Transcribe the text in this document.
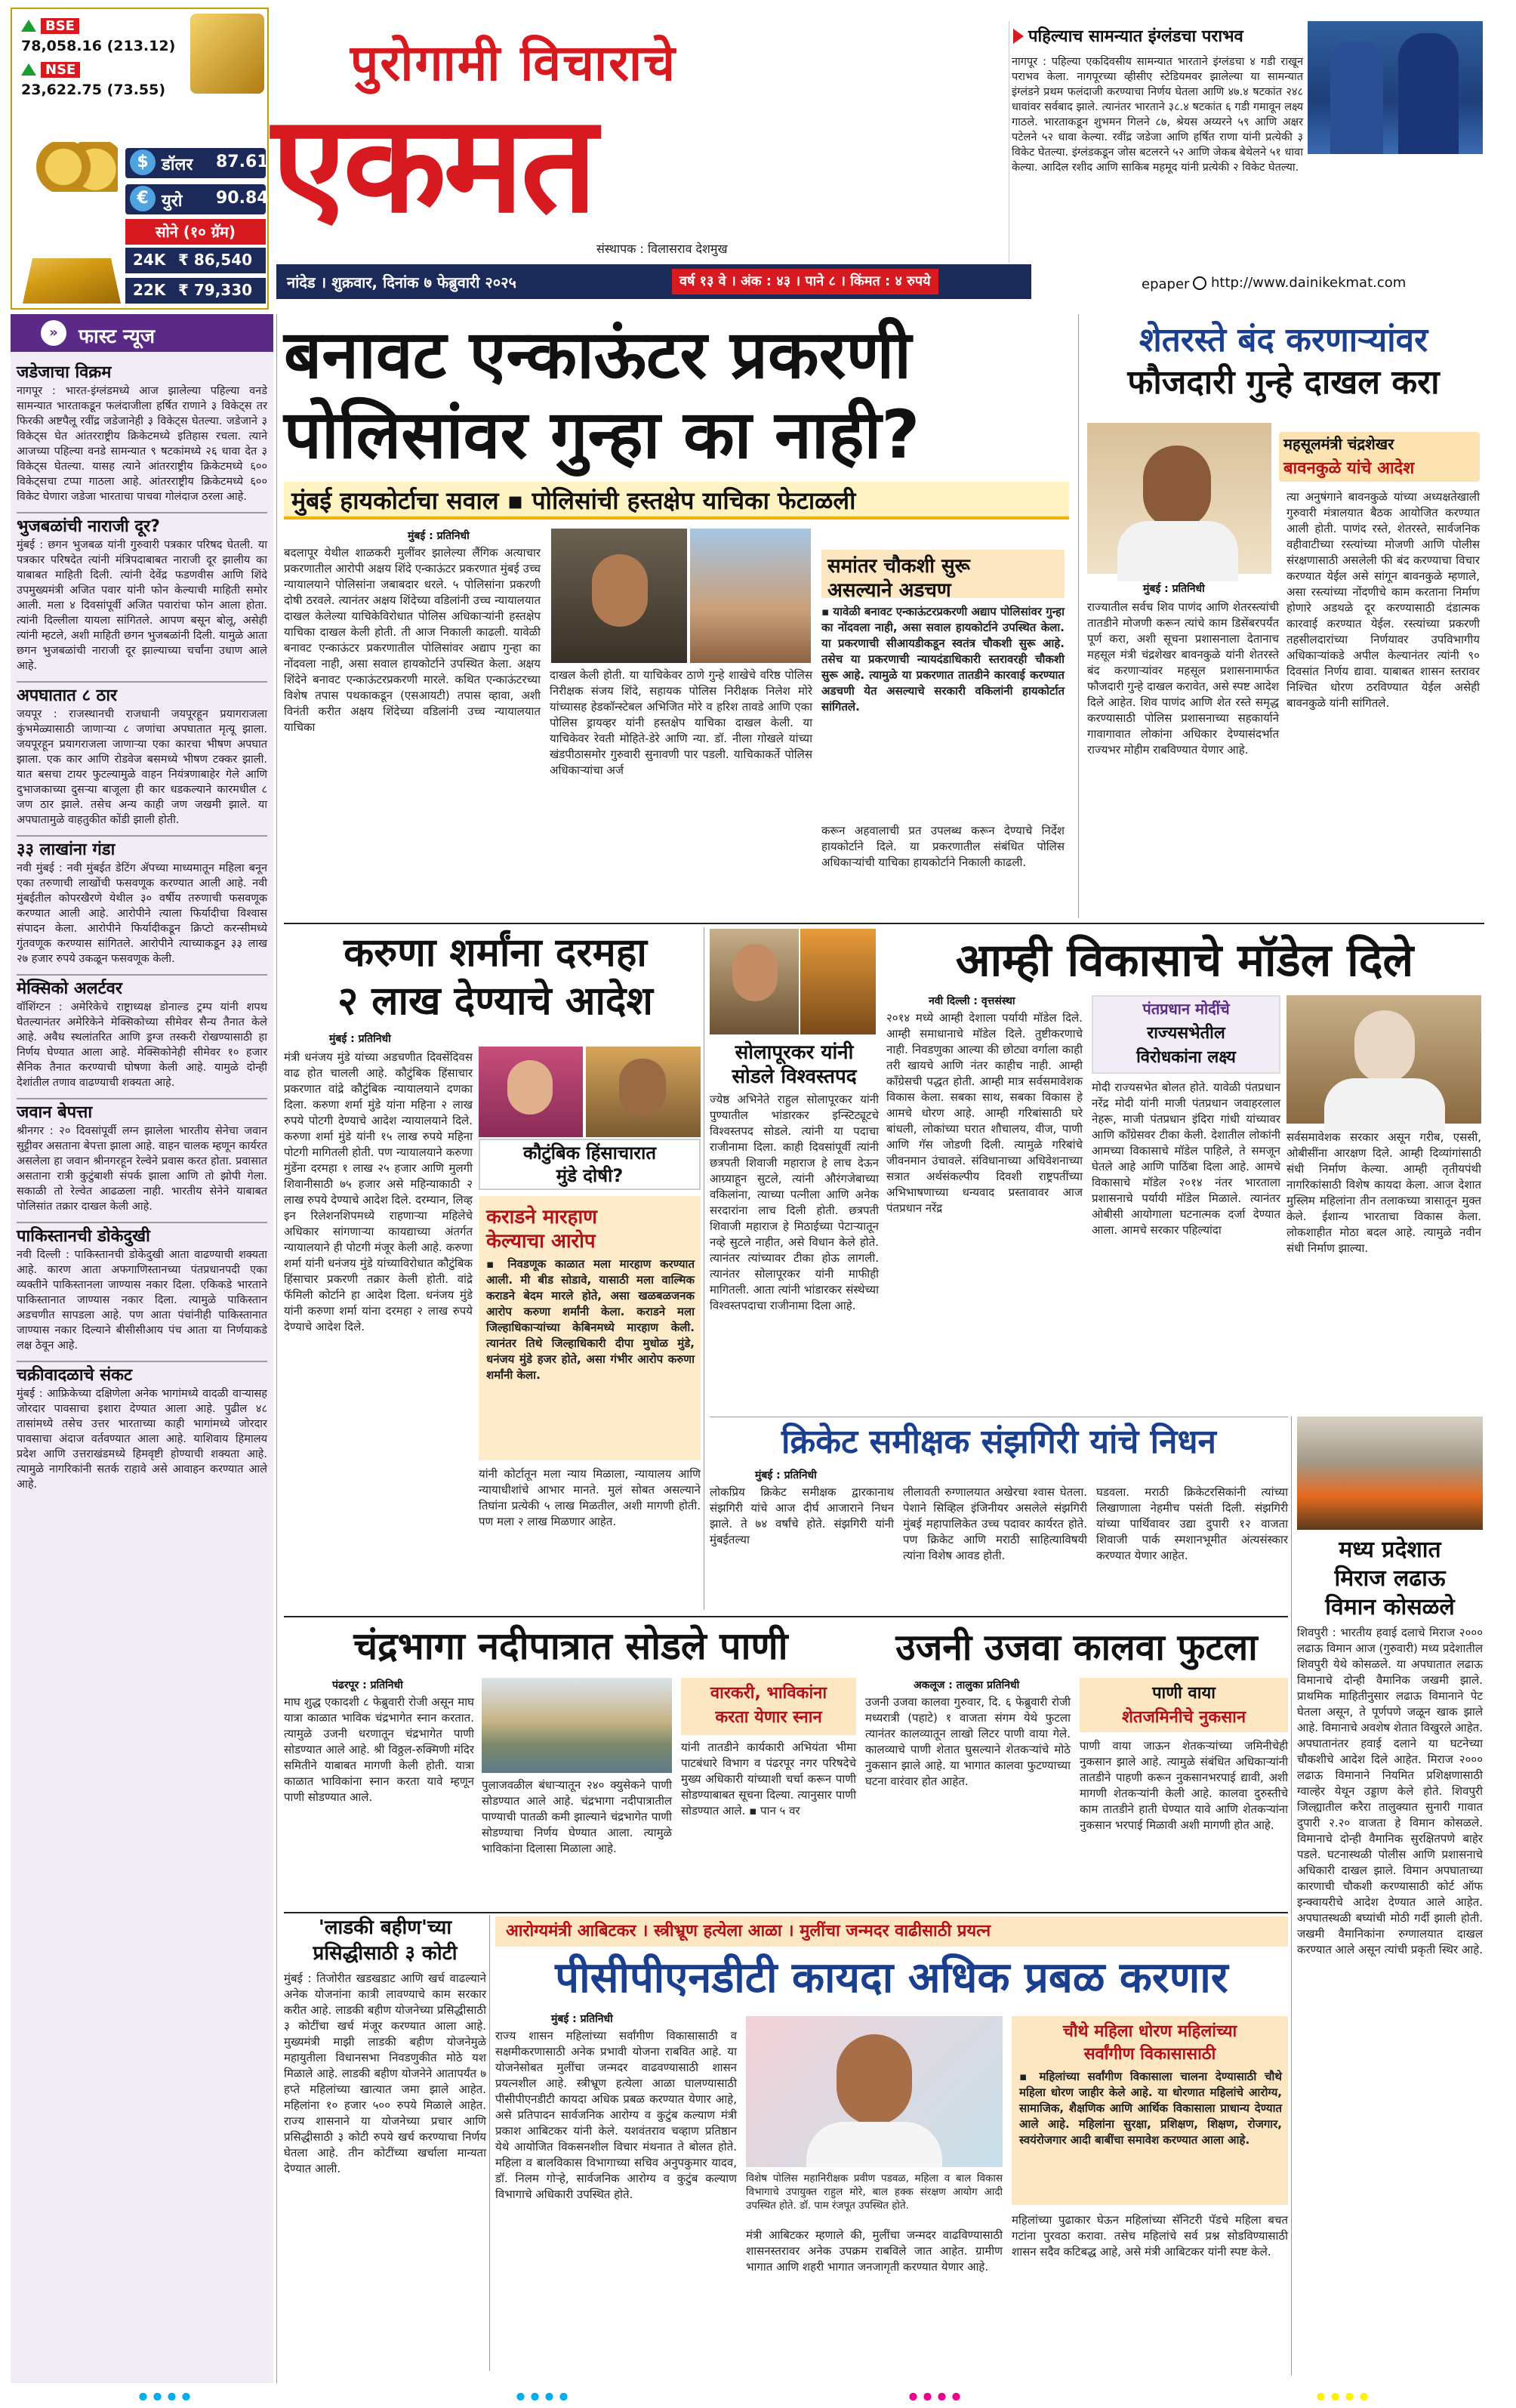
BSE
78,058.16 (213.12)
NSE
23,622.75 (73.55)
$ डॉलर 87.61
€ युरो 90.84
सोने (१० ग्रॅम)
24K ₹ 86,540
22K ₹ 79,330
पुरोगामी विचाराचे
एकमत
संस्थापक : विलासराव देशमुख
नांदेड । शुक्रवार, दिनांक ७ फेब्रुवारी २०२५	वर्ष १३ वे । अंक : ४३ । पाने ८ । किंमत : ४ रुपये	epaper http://www.dainikekmat.com
पहिल्याच सामन्यात इंग्लंडचा पराभव
नागपूर : पहिल्या एकदिवसीय सामन्यात भारताने इंग्लंडचा ४ गडी राखून पराभव केला. नागपूरच्या व्हीसीए स्टेडियमवर झालेल्या या सामन्यात इंग्लंडने प्रथम फलंदाजी करण्याचा निर्णय घेतला आणि ४७.४ षटकांत २४८ धावांवर सर्वबाद झाले. त्यानंतर भारताने ३८.४ षटकांत ६ गडी गमावून लक्ष्य गाठले. भारताकडून शुभमन गिलने ८७, श्रेयस अय्यरने ५९ आणि अक्षर पटेलने ५२ धावा केल्या. रवींद्र जडेजा आणि हर्षित राणा यांनी प्रत्येकी ३ विकेट घेतल्या. इंग्लंडकडून जोस बटलरने ५२ आणि जेकब बेथेलने ५१ धावा केल्या. आदिल रशीद आणि साकिब महमूद यांनी प्रत्येकी २ विकेट घेतल्या.
»	फास्ट न्यूज
जडेजाचा विक्रम
नागपूर : भारत-इंग्लंडमध्ये आज झालेल्या पहिल्या वनडे सामन्यात भारताकडून फलंदाजीला हर्षित राणाने ३ विकेट्स तर फिरकी अष्टपैलू रवींद्र जडेजानेही ३ विकेट्स घेतल्या. जडेजाने ३ विकेट्स घेत आंतरराष्ट्रीय क्रिकेटमध्ये इतिहास रचला. त्याने आजच्या पहिल्या वनडे सामन्यात ९ षटकांमध्ये २६ धावा देत ३ विकेट्स घेतल्या. यासह त्याने आंतरराष्ट्रीय क्रिकेटमध्ये ६०० विकेट्सचा टप्पा गाठला आहे. आंतरराष्ट्रीय क्रिकेटमध्ये ६०० विकेट घेणारा जडेजा भारताचा पाचवा गोलंदाज ठरला आहे.
भुजबळांची नाराजी दूर?
मुंबई : छगन भुजबळ यांनी गुरुवारी पत्रकार परिषद घेतली. या पत्रकार परिषदेत त्यांनी मंत्रिपदाबाबत नाराजी दूर झालीय का याबाबत माहिती दिली. त्यांनी देवेंद्र फडणवीस आणि शिंदे उपमुख्यमंत्री अजित पवार यांनी फोन केल्याची माहिती समोर आली. मला ४ दिवसांपूर्वी अजित पवारांचा फोन आला होता. त्यांनी दिल्लीला यायला सांगितले. आपण बसून बोलू, असेही त्यांनी म्हटले, अशी माहिती छगन भुजबळांनी दिली. यामुळे आता छगन भुजबळांची नाराजी दूर झाल्याच्या चर्चांना उधाण आले आहे.
अपघातात ८ ठार
जयपूर : राजस्थानची राजधानी जयपूरहून प्रयागराजला कुंभमेळ्यासाठी जाणाऱ्या ८ जणांचा अपघातात मृत्यू झाला. जयपूरहून प्रयागराजला जाणाऱ्या एका कारचा भीषण अपघात झाला. एक कार आणि रोडवेज बसमध्ये भीषण टक्कर झाली. यात बसचा टायर फुटल्यामुळे वाहन नियंत्रणाबाहेर गेले आणि दुभाजकाच्या दुसऱ्या बाजूला ही कार धडकल्याने कारमधील ८ जण ठार झाले. तसेच अन्य काही जण जखमी झाले. या अपघातामुळे वाहतुकीत कोंडी झाली होती.
३३ लाखांना गंडा
नवी मुंबई : नवी मुंबईत डेटिंग ॲपच्या माध्यमातून महिला बनून एका तरुणाची लाखोंची फसवणूक करण्यात आली आहे. नवी मुंबईतील कोपरखैरणे येथील ३० वर्षीय तरुणाची फसवणूक करण्यात आली आहे. आरोपीने त्याला फिर्यादीचा विश्वास संपादन केला. आरोपीने फिर्यादीकडून क्रिप्टो करन्सीमध्ये गुंतवणूक करण्यास सांगितले. आरोपीने त्याच्याकडून ३३ लाख २७ हजार रुपये उकळून फसवणूक केली.
मेक्सिको अलर्टवर
वॉशिंग्टन : अमेरिकेचे राष्ट्राध्यक्ष डोनाल्ड ट्रम्प यांनी शपथ घेतल्यानंतर अमेरिकेने मेक्सिकोच्या सीमेवर सैन्य तैनात केले आहे. अवैध स्थलांतरित आणि ड्रग्ज तस्करी रोखण्यासाठी हा निर्णय घेण्यात आला आहे. मेक्सिकोनेही सीमेवर १० हजार सैनिक तैनात करण्याची घोषणा केली आहे. यामुळे दोन्ही देशांतील तणाव वाढण्याची शक्यता आहे.
जवान बेपत्ता
श्रीनगर : २० दिवसांपूर्वी लग्न झालेला भारतीय सेनेचा जवान सुट्टीवर असताना बेपत्ता झाला आहे. वाहन चालक म्हणून कार्यरत असलेला हा जवान श्रीनगरहून रेल्वेने प्रवास करत होता. प्रवासात असताना रात्री कुटुंबाशी संपर्क झाला आणि तो झोपी गेला. सकाळी तो रेल्वेत आढळला नाही. भारतीय सेनेने याबाबत पोलिसांत तक्रार दाखल केली आहे.
पाकिस्तानची डोकेदुखी
नवी दिल्ली : पाकिस्तानची डोकेदुखी आता वाढण्याची शक्यता आहे. कारण आता अफगाणिस्तानच्या पंतप्रधानपदी एका व्यक्तीने पाकिस्तानला जाण्यास नकार दिला. एकिकडे भारताने पाकिस्तानात जाण्यास नकार दिला. त्यामुळे पाकिस्तान अडचणीत सापडला आहे. पण आता पंचांनीही पाकिस्तानात जाण्यास नकार दिल्याने बीसीसीआय पंच आता या निर्णयाकडे लक्ष ठेवून आहे.
चक्रीवादळाचे संकट
मुंबई : आफ्रिकेच्या दक्षिणेला अनेक भागांमध्ये वादळी वाऱ्यासह जोरदार पावसाचा इशारा देण्यात आला आहे. पुढील ४८ तासांमध्ये तसेच उत्तर भारताच्या काही भागांमध्ये जोरदार पावसाचा अंदाज वर्तवण्यात आला आहे. याशिवाय हिमालय प्रदेश आणि उत्तराखंडमध्ये हिमवृष्टी होण्याची शक्यता आहे. त्यामुळे नागरिकांनी सतर्क राहावे असे आवाहन करण्यात आले आहे.
बनावट एन्काऊंटर प्रकरणी
पोलिसांवर गुन्हा का नाही?
मुंबई हायकोर्टाचा सवाल ▪ पोलिसांची हस्तक्षेप याचिका फेटाळली
मुंबई : प्रतिनिधी
बदलापूर येथील शाळकरी मुलींवर झालेल्या लैंगिक अत्याचार प्रकरणातील आरोपी अक्षय शिंदे एन्काऊंटर प्रकरणात मुंबई उच्च न्यायालयाने पोलिसांना जबाबदार धरले. ५ पोलिसांना प्रकरणी दोषी ठरवले. त्यानंतर अक्षय शिंदेच्या वडिलांनी उच्च न्यायालयात दाखल केलेल्या याचिकेविरोधात पोलिस अधिकाऱ्यांनी हस्तक्षेप याचिका दाखल केली होती. ती आज निकाली काढली. यावेळी बनावट एन्काऊंटर प्रकरणातील पोलिसांवर अद्याप गुन्हा का नोंदवला नाही, असा सवाल हायकोर्टाने उपस्थित केला. अक्षय शिंदेने बनावट एन्काऊंटरप्रकरणी मारले. कथित एन्काऊंटरच्या विशेष तपास पथकाकडून (एसआयटी) तपास व्हावा, अशी विनंती करीत अक्षय शिंदेच्या वडिलांनी उच्च न्यायालयात याचिका
दाखल केली होती. या याचिकेवर ठाणे गुन्हे शाखेचे वरिष्ठ पोलिस निरीक्षक संजय शिंदे, सहायक पोलिस निरीक्षक निलेश मोरे यांच्यासह हेडकॉन्स्टेबल अभिजित मोरे व हरिश तावडे आणि एका पोलिस ड्रायव्हर यांनी हस्तक्षेप याचिका दाखल केली. या याचिकेवर रेवती मोहिते-डेरे आणि न्या. डॉ. नीला गोखले यांच्या खंडपीठासमोर गुरुवारी सुनावणी पार पडली. याचिकाकर्ते पोलिस अधिकाऱ्यांचा अर्ज
समांतर चौकशी सुरू
असल्याने अडचण
▪ यावेळी बनावट एन्काऊंटरप्रकरणी अद्याप पोलिसांवर गुन्हा का नोंदवला नाही, असा सवाल हायकोर्टाने उपस्थित केला. या प्रकरणाची सीआयडीकडून स्वतंत्र चौकशी सुरू आहे. तसेच या प्रकरणाची न्यायदंडाधिकारी स्तरावरही चौकशी सुरू आहे. त्यामुळे या प्रकरणात तातडीने कारवाई करण्यात अडचणी येत असल्याचे सरकारी वकिलांनी हायकोर्टात सांगितले.
करून अहवालाची प्रत उपलब्ध करून देण्याचे निर्देश हायकोर्टाने दिले. या प्रकरणातील संबंधित पोलिस अधिकाऱ्यांची याचिका हायकोर्टाने निकाली काढली.
शेतरस्ते बंद करणाऱ्यांवर
फौजदारी गुन्हे दाखल करा
महसूलमंत्री चंद्रशेखर
बावनकुळे यांचे आदेश
मुंबई : प्रतिनिधी
राज्यातील सर्वच शिव पाणंद आणि शेतरस्त्यांची तातडीने मोजणी करून त्यांचे काम डिसेंबरपर्यंत पूर्ण करा, अशी सूचना प्रशासनाला देतानाच महसूल मंत्री चंद्रशेखर बावनकुळे यांनी शेतरस्ते बंद करणाऱ्यांवर महसूल प्रशासनामार्फत फौजदारी गुन्हे दाखल करावेत, असे स्पष्ट आदेश दिले आहेत. शिव पाणंद आणि शेत रस्ते समृद्ध करण्यासाठी पोलिस प्रशासनाच्या सहकार्याने गावागावात लोकांना अधिकार देण्यासंदर्भात राज्यभर मोहीम राबविण्यात येणार आहे.
त्या अनुषंगाने बावनकुळे यांच्या अध्यक्षतेखाली गुरुवारी मंत्रालयात बैठक आयोजित करण्यात आली होती. पाणंद रस्ते, शेतरस्ते, सार्वजनिक वहीवाटीच्या रस्त्यांच्या मोजणी आणि पोलीस संरक्षणासाठी असलेली फी बंद करण्याचा विचार करण्यात येईल असे सांगून बावनकुळे म्हणाले, असा रस्त्यांच्या नोंदणीचे काम करताना निर्माण होणारे अडथळे दूर करण्यासाठी दंडात्मक कारवाई करण्यात येईल. रस्त्यांच्या प्रकरणी तहसीलदारांच्या निर्णयावर उपविभागीय अधिकाऱ्यांकडे अपील केल्यानंतर त्यांनी ९० दिवसांत निर्णय द्यावा. याबाबत शासन स्तरावर निश्चित धोरण ठरविण्यात येईल असेही बावनकुळे यांनी सांगितले.
करुणा शर्मांना दरमहा
२ लाख देण्याचे आदेश
मुंबई : प्रतिनिधी
मंत्री धनंजय मुंडे यांच्या अडचणीत दिवसेंदिवस वाढ होत चालली आहे. कौटुंबिक हिंसाचार प्रकरणात वांद्रे कौटुंबिक न्यायालयाने दणका दिला. करुणा शर्मा मुंडे यांना महिना २ लाख रुपये पोटगी देण्याचे आदेश न्यायालयाने दिले. करुणा शर्मा मुंडे यांनी १५ लाख रुपये महिना पोटगी मागितली होती. पण न्यायालयाने करुणा मुंडेंना दरमहा १ लाख २५ हजार आणि मुलगी शिवानीसाठी ७५ हजार असे महिन्याकाठी २ लाख रुपये देण्याचे आदेश दिले. दरम्यान, लिव्ह इन रिलेशनशिपमध्ये राहणाऱ्या महिलेचे अधिकार सांगणाऱ्या कायद्याच्या अंतर्गत न्यायालयाने ही पोटगी मंजूर केली आहे. करुणा शर्मा यांनी धनंजय मुंडे यांच्याविरोधात कौटुंबिक हिंसाचार प्रकरणी तक्रार केली होती. वांद्रे फॅमिली कोर्टाने हा आदेश दिला. धनंजय मुंडे यांनी करुणा शर्मा यांना दरमहा २ लाख रुपये देण्याचे आदेश दिले.
कौटुंबिक हिंसाचारात
मुंडे दोषी?
कराडने मारहाण
केल्याचा आरोप
▪ निवडणूक काळात मला मारहाण करण्यात आली. मी बीड सोडावे, यासाठी मला वाल्मिक कराडने बेदम मारले होते, असा खळबळजनक आरोप करुणा शर्मांनी केला. कराडने मला जिल्हाधिकाऱ्यांच्या केबिनमध्ये मारहाण केली. त्यानंतर तिथे जिल्हाधिकारी दीपा मुधोळ मुंडे, धनंजय मुंडे हजर होते, असा गंभीर आरोप करुणा शर्मांनी केला.
यांनी कोर्टातून मला न्याय मिळाला, न्यायालय आणि न्यायाधीशांचे आभार मानते. मुलं सोबत असल्याने तिघांना प्रत्येकी ५ लाख मिळतील, अशी मागणी होती. पण मला २ लाख मिळणार आहेत.
सोलापूरकर यांनी
सोडले विश्वस्तपद
ज्येष्ठ अभिनेते राहुल सोलापूरकर यांनी पुण्यातील भांडारकर इन्स्टिट्यूटचे विश्वस्तपद सोडले. त्यांनी या पदाचा राजीनामा दिला. काही दिवसांपूर्वी त्यांनी छत्रपती शिवाजी महाराज हे लाच देऊन आग्र्याहून सुटले, त्यांनी औरंगजेबाच्या वकिलांना, त्याच्या पत्नीला आणि अनेक सरदारांना लाच दिली होती. छत्रपती शिवाजी महाराज हे मिठाईच्या पेटाऱ्यातून नव्हे सुटले नाहीत, असे विधान केले होते. त्यानंतर त्यांच्यावर टीका होऊ लागली. त्यानंतर सोलापूरकर यांनी माफीही मागितली. आता त्यांनी भांडारकर संस्थेच्या विश्वस्तपदाचा राजीनामा दिला आहे.
आम्ही विकासाचे मॉडेल दिले
नवी दिल्ली : वृत्तसंस्था
२०१४ मध्ये आम्ही देशाला पर्यायी मॉडेल दिले. आम्ही समाधानाचे मॉडेल दिले. तुष्टीकरणाचे नाही. निवडणुका आल्या की छोट्या वर्गाला काही तरी खायचे आणि नंतर काहीच नाही. आम्ही काँग्रेसची पद्धत होती. आम्ही मात्र सर्वसमावेशक विकास केला. सबका साथ, सबका विकास हे आमचे धोरण आहे. आम्ही गरिबांसाठी घरे बांधली, लोकांच्या घरात शौचालय, वीज, पाणी आणि गॅस जोडणी दिली. त्यामुळे गरिबांचे जीवनमान उंचावले. संविधानाच्या अधिवेशनाच्या सत्रात अर्थसंकल्पीय दिवशी राष्ट्रपतींच्या अभिभाषणाच्या धन्यवाद प्रस्तावावर आज पंतप्रधान नरेंद्र
पंतप्रधान मोदींचे
राज्यसभेतील
विरोधकांना लक्ष्य
मोदी राज्यसभेत बोलत होते. यावेळी पंतप्रधान नरेंद्र मोदी यांनी माजी पंतप्रधान जवाहरलाल नेहरू, माजी पंतप्रधान इंदिरा गांधी यांच्यावर आणि काँग्रेसवर टीका केली. देशातील लोकांनी आमच्या विकासाचे मॉडेल पाहिले, ते समजून घेतले आहे आणि पाठिंबा दिला आहे. आमचे विकासाचे मॉडेल २०१४ नंतर भारताला प्रशासनाचे पर्यायी मॉडेल मिळाले. त्यानंतर ओबीसी आयोगाला घटनात्मक दर्जा देण्यात आला. आमचे सरकार पहिल्यांदा
सर्वसमावेशक सरकार असून गरीब, एससी, ओबीसींना आरक्षण दिले. आम्ही दिव्यांगांसाठी संधी निर्माण केल्या. आम्ही तृतीयपंथी नागरिकांसाठी विशेष कायदा केला. आज देशात मुस्लिम महिलांना तीन तलाकच्या त्रासातून मुक्त केले. ईशान्य भारताचा विकास केला. लोकशाहीत मोठा बदल आहे. त्यामुळे नवीन संधी निर्माण झाल्या.
क्रिकेट समीक्षक संझगिरी यांचे निधन
मुंबई : प्रतिनिधी
लोकप्रिय क्रिकेट समीक्षक द्वारकानाथ संझगिरी यांचे आज दीर्घ आजाराने निधन झाले. ते ७४ वर्षांचे होते. संझगिरी यांनी मुंबईतल्या
लीलावती रुग्णालयात अखेरचा श्वास घेतला. पेशाने सिव्हिल इंजिनीयर असलेले संझगिरी मुंबई महापालिकेत उच्च पदावर कार्यरत होते. पण क्रिकेट आणि मराठी साहित्याविषयी त्यांना विशेष आवड होती.
घडवला. मराठी क्रिकेटरसिकांनी त्यांच्या लिखाणाला नेहमीच पसंती दिली. संझगिरी यांच्या पार्थिवावर उद्या दुपारी १२ वाजता शिवाजी पार्क स्मशानभूमीत अंत्यसंस्कार करण्यात येणार आहेत.	मध्य प्रदेशात
मिराज लढाऊ
विमान कोसळले
शिवपुरी : भारतीय हवाई दलाचे मिराज २००० लढाऊ विमान आज (गुरुवारी) मध्य प्रदेशातील शिवपुरी येथे कोसळले. या अपघातात लढाऊ विमानाचे दोन्ही वैमानिक जखमी झाले. प्राथमिक माहितीनुसार लढाऊ विमानाने पेट घेतला असून, ते पूर्णपणे जळून खाक झाले आहे. विमानाचे अवशेष शेतात विखुरले आहेत. अपघातानंतर हवाई दलाने या घटनेच्या चौकशीचे आदेश दिले आहेत. मिराज २००० लढाऊ विमानाने नियमित प्रशिक्षणासाठी ग्वाल्हेर येथून उड्डाण केले होते. शिवपुरी जिल्ह्यातील करैरा तालुक्यात सुनारी गावात दुपारी २.२० वाजता हे विमान कोसळले. विमानाचे दोन्ही वैमानिक सुरक्षितपणे बाहेर पडले. घटनास्थळी पोलीस आणि प्रशासनाचे अधिकारी दाखल झाले. विमान अपघाताच्या कारणाची चौकशी करण्यासाठी कोर्ट ऑफ इन्क्वायरीचे आदेश देण्यात आले आहेत. अपघातस्थळी बघ्यांची मोठी गर्दी झाली होती. जखमी वैमानिकांना रुग्णालयात दाखल करण्यात आले असून त्यांची प्रकृती स्थिर आहे.
चंद्रभागा नदीपात्रात सोडले पाणी
पंढरपूर : प्रतिनिधी
माघ शुद्ध एकादशी ८ फेब्रुवारी रोजी असून माघ यात्रा काळात भाविक चंद्रभागेत स्नान करतात. त्यामुळे उजनी धरणातून चंद्रभागेत पाणी सोडण्यात आले आहे. श्री विठ्ठल-रुक्मिणी मंदिर समितीने याबाबत मागणी केली होती. यात्रा काळात भाविकांना स्नान करता यावे म्हणून पाणी सोडण्यात आले.
पुलाजवळील बंधाऱ्यातून २४० क्युसेकने पाणी सोडण्यात आले आहे. चंद्रभागा नदीपात्रातील पाण्याची पातळी कमी झाल्याने चंद्रभागेत पाणी सोडण्याचा निर्णय घेण्यात आला. त्यामुळे भाविकांना दिलासा मिळाला आहे.
वारकरी, भाविकांना
करता येणार स्नान
यांनी तातडीने कार्यकारी अभियंता भीमा पाटबंधारे विभाग व पंढरपूर नगर परिषदेचे मुख्य अधिकारी यांच्याशी चर्चा करून पाणी सोडण्याबाबत सूचना दिल्या. त्यानुसार पाणी सोडण्यात आले. ▪ पान ५ वर
उजनी उजवा कालवा फुटला
अकलूज : तालुका प्रतिनिधी
उजनी उजवा कालवा गुरुवार, दि. ६ फेब्रुवारी रोजी मध्यरात्री (पहाटे) १ वाजता संगम येथे फुटला त्यानंतर कालव्यातून लाखो लिटर पाणी वाया गेले. कालव्याचे पाणी शेतात घुसल्याने शेतकऱ्यांचे मोठे नुकसान झाले आहे. या भागात कालवा फुटण्याच्या घटना वारंवार होत आहेत.
पाणी वाया
शेतजमिनीचे नुकसान
पाणी वाया जाऊन शेतकऱ्यांच्या जमिनीचेही नुकसान झाले आहे. त्यामुळे संबंधित अधिकाऱ्यांनी तातडीने पाहणी करून नुकसानभरपाई द्यावी, अशी मागणी शेतकऱ्यांनी केली आहे. कालवा दुरुस्तीचे काम तातडीने हाती घेण्यात यावे आणि शेतकऱ्यांना नुकसान भरपाई मिळावी अशी मागणी होत आहे.
'लाडकी बहीण'च्या
प्रसिद्धीसाठी ३ कोटी
मुंबई : तिजोरीत खडखडाट आणि खर्च वाढल्याने अनेक योजनांना कात्री लावण्याचे काम सरकार करीत आहे. लाडकी बहीण योजनेच्या प्रसिद्धीसाठी ३ कोटींचा खर्च मंजूर करण्यात आला आहे. मुख्यमंत्री माझी लाडकी बहीण योजनेमुळे महायुतीला विधानसभा निवडणुकीत मोठे यश मिळाले आहे. लाडकी बहीण योजनेने आतापर्यंत ७ हप्ते महिलांच्या खात्यात जमा झाले आहेत. महिलांना १० हजार ५०० रुपये मिळाले आहेत. राज्य शासनाने या योजनेच्या प्रचार आणि प्रसिद्धीसाठी ३ कोटी रुपये खर्च करण्याचा निर्णय घेतला आहे. तीन कोटींच्या खर्चाला मान्यता देण्यात आली.
आरोग्यमंत्री आबिटकर । स्त्रीभ्रूण हत्येला आळा । मुलींचा जन्मदर वाढीसाठी प्रयत्न
पीसीपीएनडीटी कायदा अधिक प्रबळ करणार
मुंबई : प्रतिनिधी
राज्य शासन महिलांच्या सर्वांगीण विकासासाठी व सक्षमीकरणासाठी अनेक प्रभावी योजना राबवित आहे. या योजनेसोबत मुलींचा जन्मदर वाढवण्यासाठी शासन प्रयत्नशील आहे. स्त्रीभ्रूण हत्येला आळा घालण्यासाठी पीसीपीएनडीटी कायदा अधिक प्रबळ करण्यात येणार आहे, असे प्रतिपादन सार्वजनिक आरोग्य व कुटुंब कल्याण मंत्री प्रकाश आबिटकर यांनी केले. यशवंतराव चव्हाण प्रतिष्ठान येथे आयोजित विकसनशील विचार मंथनात ते बोलत होते. महिला व बालविकास विभागाच्या सचिव अनुपकुमार यादव, डॉ. निलम गोऱ्हे, सार्वजनिक आरोग्य व कुटुंब कल्याण विभागाचे अधिकारी उपस्थित होते.
विशेष पोलिस महानिरीक्षक प्रवीण पडवळ, महिला व बाल विकास विभागाचे उपायुक्त राहुल मोरे, बाल हक्क संरक्षण आयोग आदी उपस्थित होते. डॉ. पाम रंजपूत उपस्थित होते.
मंत्री आबिटकर म्हणाले की, मुलींचा जन्मदर वाढविण्यासाठी शासनस्तरावर अनेक उपक्रम राबविले जात आहेत. ग्रामीण भागात आणि शहरी भागात जनजागृती करण्यात येणार आहे.
चौथे महिला धोरण महिलांच्या
सर्वांगीण विकासासाठी
▪ महिलांच्या सर्वांगीण विकासाला चालना देण्यासाठी चौथे महिला धोरण जाहीर केले आहे. या धोरणात महिलांचे आरोग्य, सामाजिक, शैक्षणिक आणि आर्थिक विकासाला प्राधान्य देण्यात आले आहे. महिलांना सुरक्षा, प्रशिक्षण, शिक्षण, रोजगार, स्वयंरोजगार आदी बाबींचा समावेश करण्यात आला आहे.
महिलांच्या पुढाकार घेऊन महिलांच्या सॅनिटरी पॅडचे महिला बचत गटांना पुरवठा करावा. तसेच महिलांचे सर्व प्रश्न सोडविण्यासाठी शासन सदैव कटिबद्ध आहे, असे मंत्री आबिटकर यांनी स्पष्ट केले.
